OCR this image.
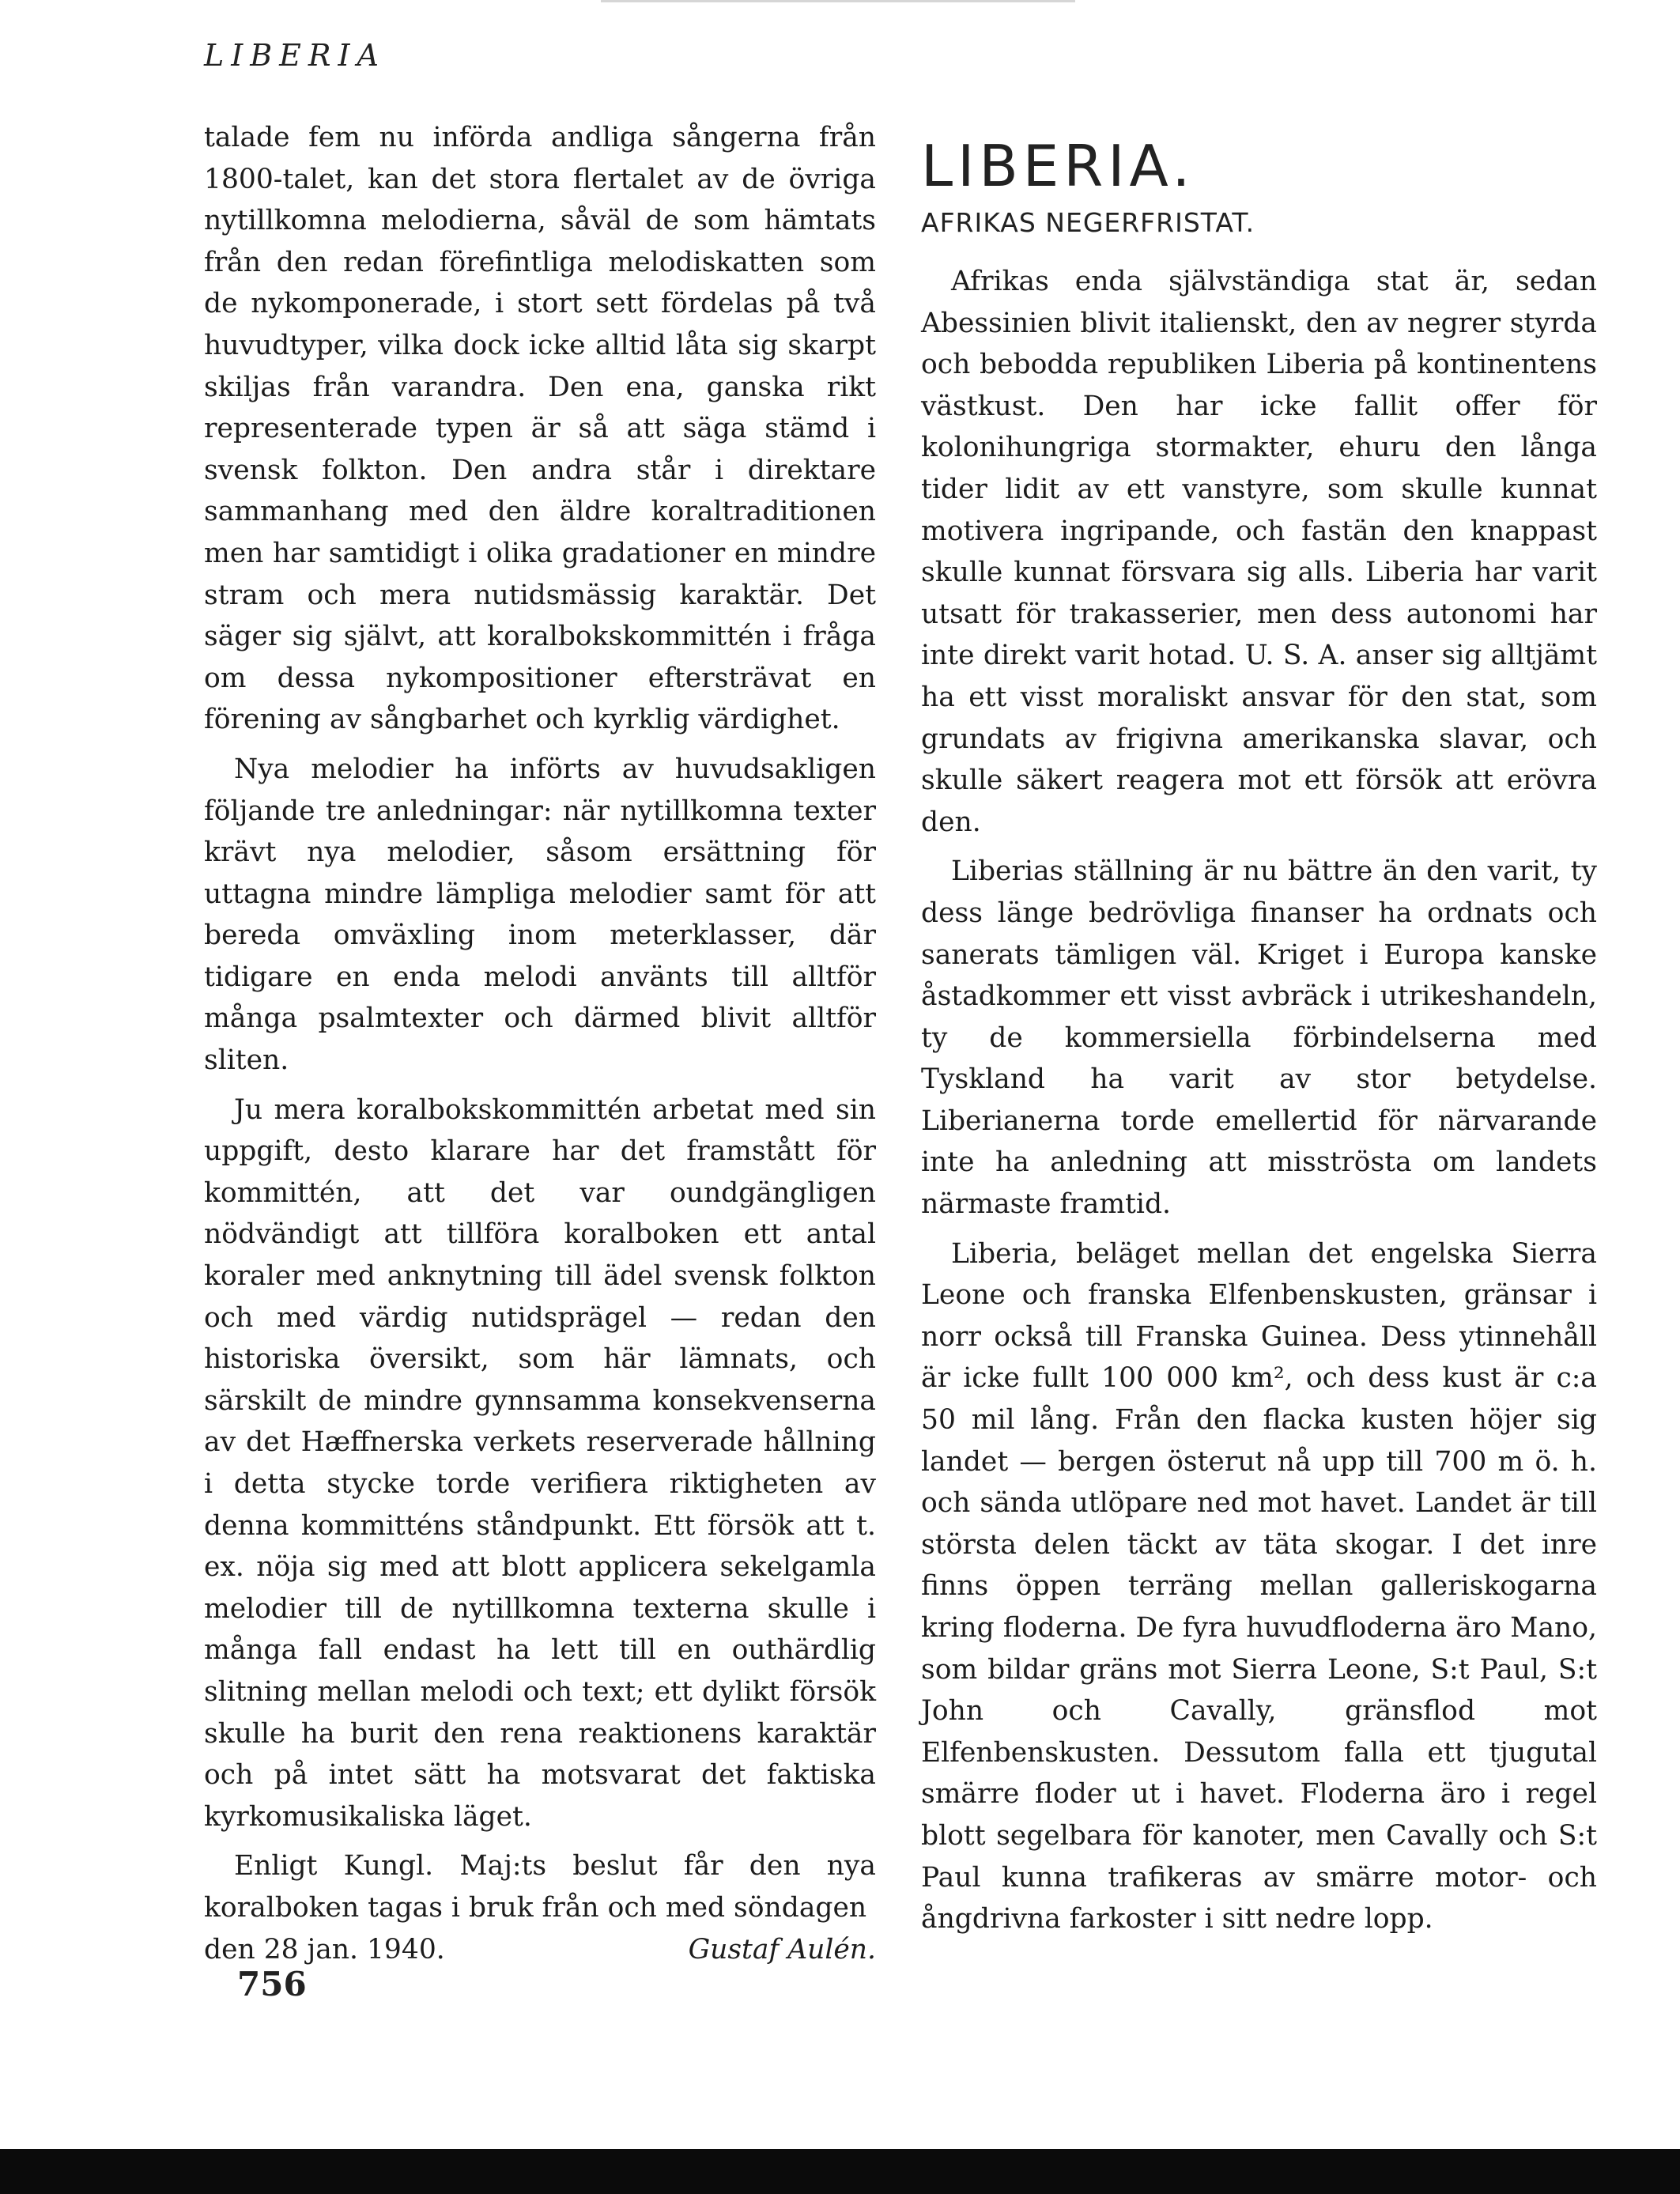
LIBERIA

talade fem nu införda andliga sångerna från 1800-talet, kan det stora flertalet av de övriga nytillkomna melodierna, såväl de som hämtats från den redan förefintliga melodiskatten som de nykomponerade, i stort sett fördelas på två huvudtyper, vilka dock icke alltid låta sig skarpt skiljas från varandra. Den ena, ganska rikt representerade typen är så att säga stämd i svensk folkton. Den andra står i direktare sammanhang med den äldre koraltraditionen men har samtidigt i olika gradationer en mindre stram och mera nutidsmässig karaktär. Det säger sig självt, att koralbokskommittén i fråga om dessa nykompositioner eftersträvat en förening av sångbarhet och kyrklig värdighet.

Nya melodier ha införts av huvudsakligen följande tre anledningar: när nytillkomna texter krävt nya melodier, såsom ersättning för uttagna mindre lämpliga melodier samt för att bereda omväxling inom meterklasser, där tidigare en enda melodi använts till alltför många psalmtexter och därmed blivit alltför sliten.

Ju mera koralbokskommittén arbetat med sin uppgift, desto klarare har det framstått för kommittén, att det var oundgängligen nödvändigt att tillföra koralboken ett antal koraler med anknytning till ädel svensk folkton och med värdig nutidsprägel — redan den historiska översikt, som här lämnats, och särskilt de mindre gynnsamma konsekvenserna av det Hæffnerska verkets reserverade hållning i detta stycke torde verifiera riktigheten av denna kommitténs ståndpunkt. Ett försök att t. ex. nöja sig med att blott applicera sekelgamla melodier till de nytillkomna texterna skulle i många fall endast ha lett till en outhärdlig slitning mellan melodi och text; ett dylikt försök skulle ha burit den rena reaktionens karaktär och på intet sätt ha motsvarat det faktiska kyrkomusikaliska läget.

Enligt Kungl. Maj:ts beslut får den nya koralboken tagas i bruk från och med söndagen

den 28 jan. 1940.	Gustaf Aulén.
LIBERIA.
AFRIKAS NEGERFRISTAT.

Afrikas enda självständiga stat är, sedan Abessinien blivit italienskt, den av negrer styrda och bebodda republiken Liberia på kontinentens västkust. Den har icke fallit offer för kolonihungriga stormakter, ehuru den långa tider lidit av ett vanstyre, som skulle kunnat motivera ingripande, och fastän den knappast skulle kunnat försvara sig alls. Liberia har varit utsatt för trakasserier, men dess autonomi har inte direkt varit hotad. U. S. A. anser sig alltjämt ha ett visst moraliskt ansvar för den stat, som grundats av frigivna amerikanska slavar, och skulle säkert reagera mot ett försök att erövra den.

Liberias ställning är nu bättre än den varit, ty dess länge bedrövliga finanser ha ordnats och sanerats tämligen väl. Kriget i Europa kanske åstadkommer ett visst avbräck i utrikeshandeln, ty de kommersiella förbindelserna med Tyskland ha varit av stor betydelse. Liberianerna torde emellertid för närvarande inte ha anledning att misströsta om landets närmaste framtid.

Liberia, beläget mellan det engelska Sierra Leone och franska Elfenbenskusten, gränsar i norr också till Franska Guinea. Dess ytinnehåll är icke fullt 100 000 km², och dess kust är c:a 50 mil lång. Från den flacka kusten höjer sig landet — bergen österut nå upp till 700 m ö. h. och sända utlöpare ned mot havet. Landet är till största delen täckt av täta skogar. I det inre finns öppen terräng mellan galleriskogarna kring floderna. De fyra huvudfloderna äro Mano, som bildar gräns mot Sierra Leone, S:t Paul, S:t John och Cavally, gränsflod mot Elfenbenskusten. Dessutom falla ett tjugutal smärre floder ut i havet. Floderna äro i regel blott segelbara för kanoter, men Cavally och S:t Paul kunna trafikeras av smärre motor- och ångdrivna farkoster i sitt nedre lopp.

756
